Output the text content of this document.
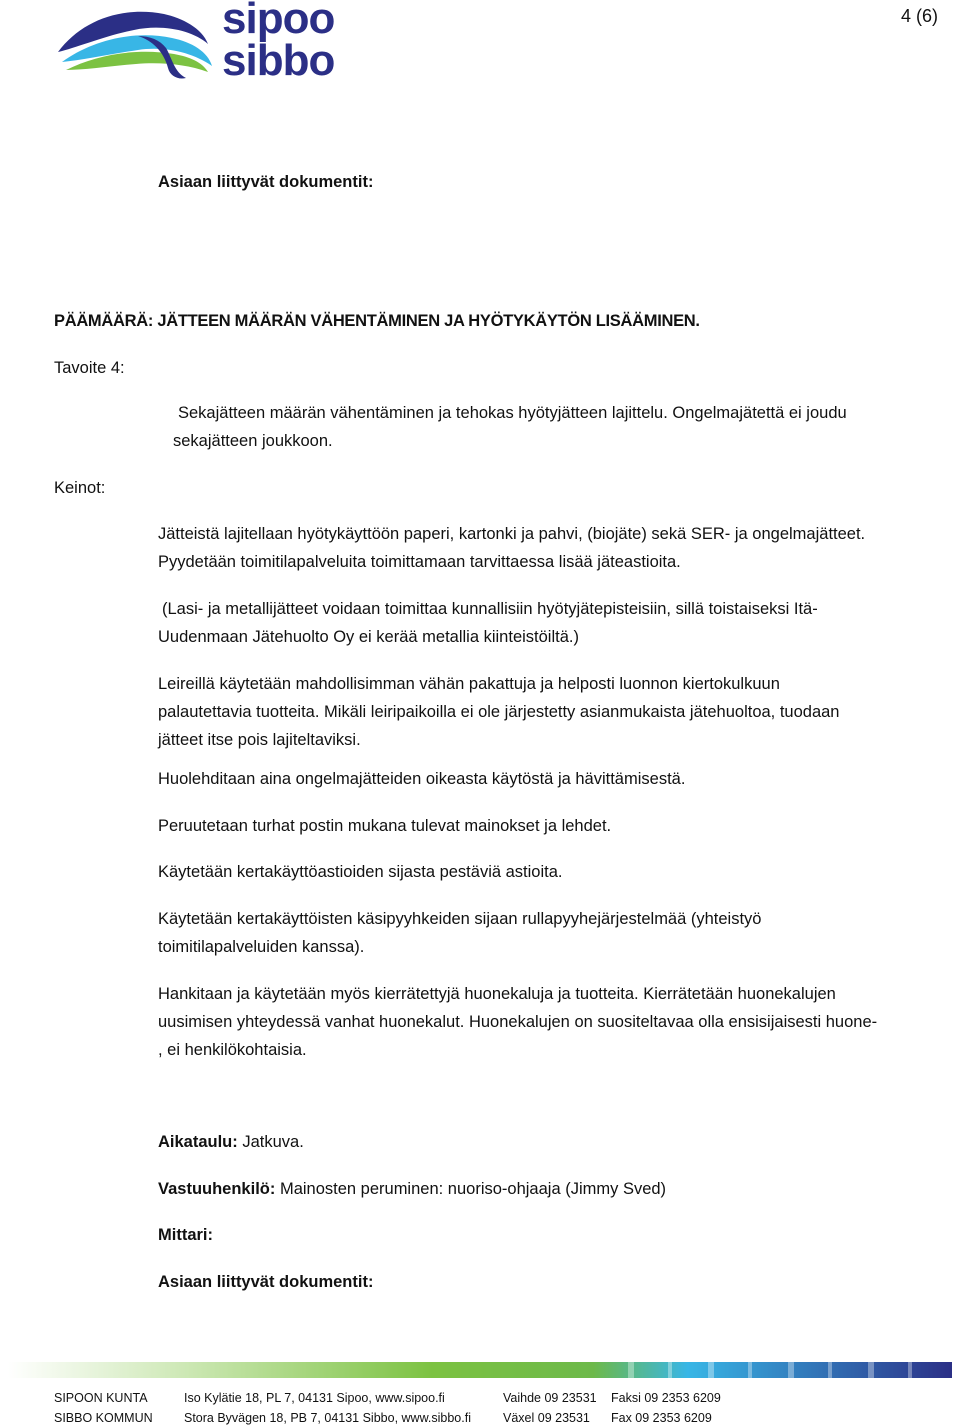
sipoo
sibbo
4 (6)
Asiaan liittyvät dokumentit:
PÄÄMÄÄRÄ: JÄTTEEN MÄÄRÄN VÄHENTÄMINEN JA HYÖTYKÄYTÖN LISÄÄMINEN.
Tavoite 4:
Sekajätteen määrän vähentäminen ja tehokas hyötyjätteen lajittelu. Ongelmajätettä ei joudu
sekajätteen joukkoon.
Keinot:
Jätteistä lajitellaan hyötykäyttöön paperi, kartonki ja pahvi, (biojäte) sekä SER- ja ongelmajätteet.
Pyydetään toimitilapalveluita toimittamaan tarvittaessa lisää jäteastioita.
(Lasi- ja metallijätteet voidaan toimittaa kunnallisiin hyötyjätepisteisiin, sillä toistaiseksi Itä-
Uudenmaan Jätehuolto Oy ei kerää metallia kiinteistöiltä.)
Leireillä käytetään mahdollisimman vähän pakattuja ja helposti luonnon kiertokulkuun
palautettavia tuotteita. Mikäli leiripaikoilla ei ole järjestetty asianmukaista jätehuoltoa, tuodaan
jätteet itse pois lajiteltaviksi.
Huolehditaan aina ongelmajätteiden oikeasta käytöstä ja hävittämisestä.
Peruutetaan turhat postin mukana tulevat mainokset ja lehdet.
Käytetään kertakäyttöastioiden sijasta pestäviä astioita.
Käytetään kertakäyttöisten käsipyyhkeiden sijaan rullapyyhejärjestelmää (yhteistyö
toimitilapalveluiden kanssa).
Hankitaan ja käytetään myös kierrätettyjä huonekaluja ja tuotteita. Kierrätetään huonekalujen
uusimisen yhteydessä vanhat huonekalut. Huonekalujen on suositeltavaa olla ensisijaisesti huone-
, ei henkilökohtaisia.
Aikataulu: Jatkuva.
Vastuuhenkilö: Mainosten peruminen: nuoriso-ohjaaja (Jimmy Sved)
Mittari:
Asiaan liittyvät dokumentit:
SIPOON KUNTA	Iso Kylätie 18, PL 7, 04131 Sipoo, www.sipoo.fi	Vaihde 09 23531 Faksi 09 2353 6209
SIBBO KOMMUN	Stora Byvägen 18, PB 7, 04131 Sibbo, www.sibbo.fi	Växel 09 23531 Fax 09 2353 6209
